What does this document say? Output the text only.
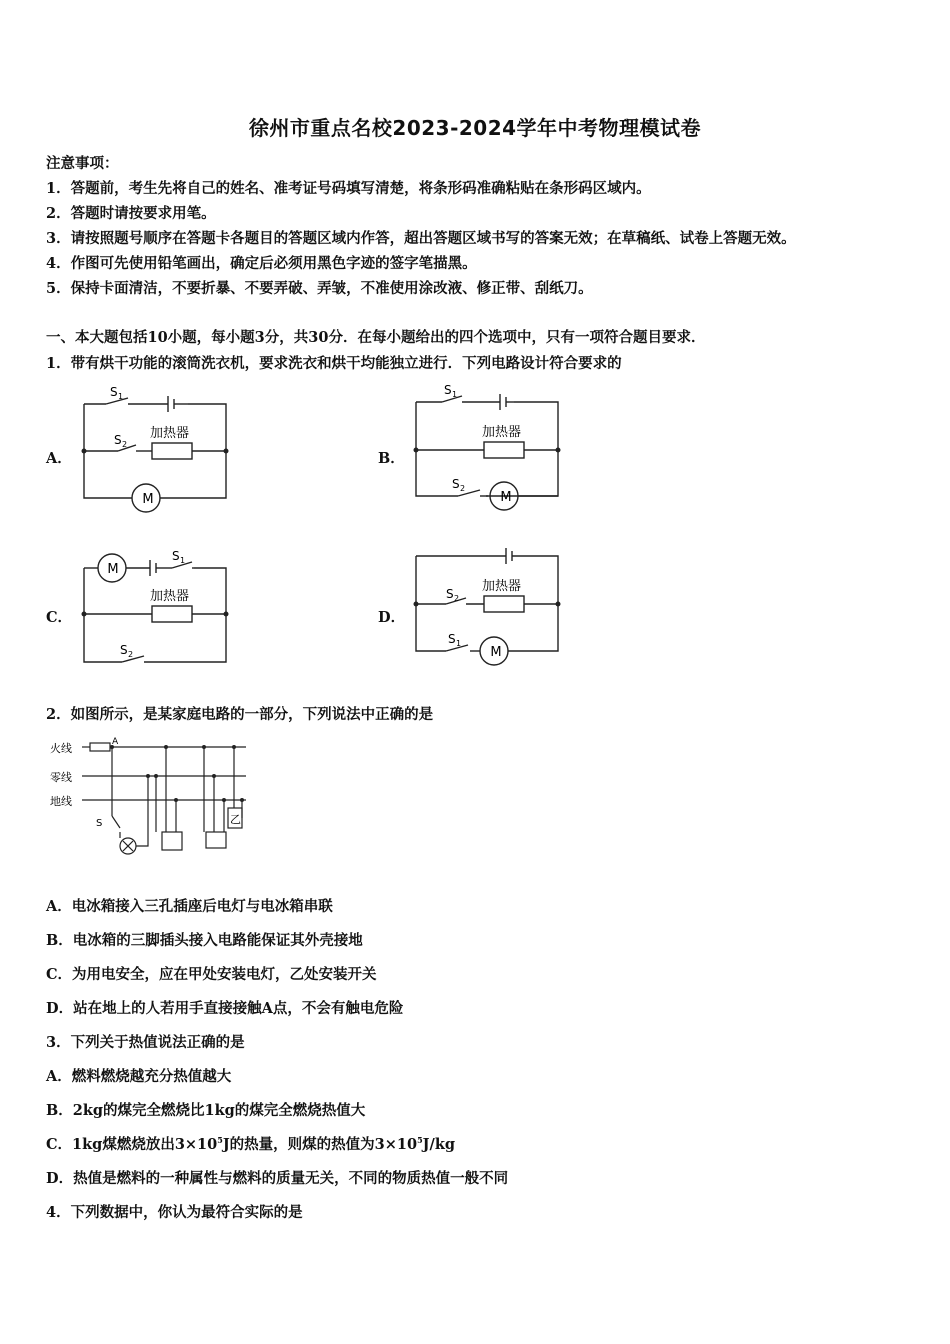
徐州市重点名校2023-2024学年中考物理模试卷
注意事项：
1．答题前，考生先将自己的姓名、准考证号码填写清楚，将条形码准确粘贴在条形码区域内。
2．答题时请按要求用笔。
3．请按照题号顺序在答题卡各题目的答题区域内作答，超出答题区域书写的答案无效；在草稿纸、试卷上答题无效。
4．作图可先使用铅笔画出，确定后必须用黑色字迹的签字笔描黑。
5．保持卡面清洁，不要折暴、不要弄破、弄皱，不准使用涂改液、修正带、刮纸刀。
一、本大题包括10小题，每小题3分，共30分．在每小题给出的四个选项中，只有一项符合题目要求．
1．带有烘干功能的滚筒洗衣机，要求洗衣和烘干均能独立进行．下列电路设计符合要求的
A．	B．
C．	D．
M
S 1
S 2
加热器
M
S 1
S 2
加热器
M
S 1
S 2
加热器
M
S 1
S 2
加热器
2．如图所示，是某家庭电路的一部分，下列说法中正确的是
火线
零线
地线
A
S	乙
A．电冰箱接入三孔插座后电灯与电冰箱串联
B．电冰箱的三脚插头接入电路能保证其外壳接地
C．为用电安全，应在甲处安装电灯，乙处安装开关
D．站在地上的人若用手直接接触A点，不会有触电危险
3．下列关于热值说法正确的是
A．燃料燃烧越充分热值越大
B．2kg的煤完全燃烧比1kg的煤完全燃烧热值大
C．1kg煤燃烧放出$3\times 10^5J$的热量，则煤的热值为$3\times 10^5J/kg$
D．热值是燃料的一种属性与燃料的质量无关，不同的物质热值一般不同
4．下列数据中，你认为最符合实际的是
